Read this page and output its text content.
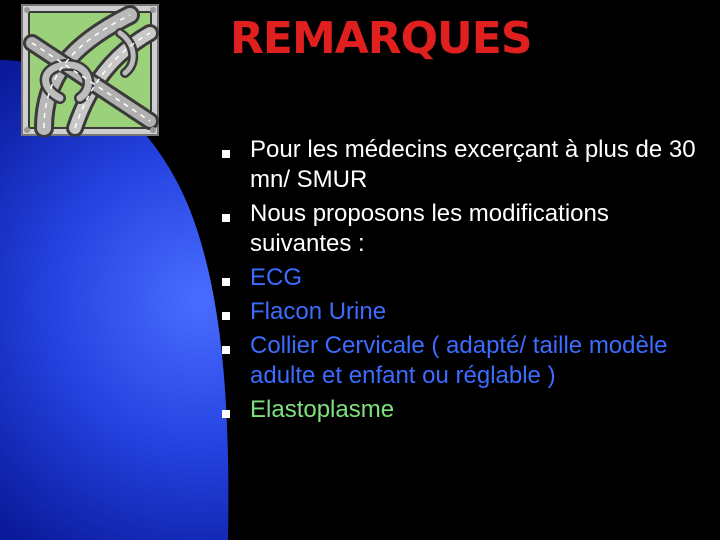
REMARQUES
Pour les médecins excerçant à plus de 30 mn/ SMUR
Nous proposons les modifications suivantes :
ECG
Flacon Urine
Collier Cervicale ( adapté/ taille modèle adulte et enfant ou réglable )
Elastoplasme
